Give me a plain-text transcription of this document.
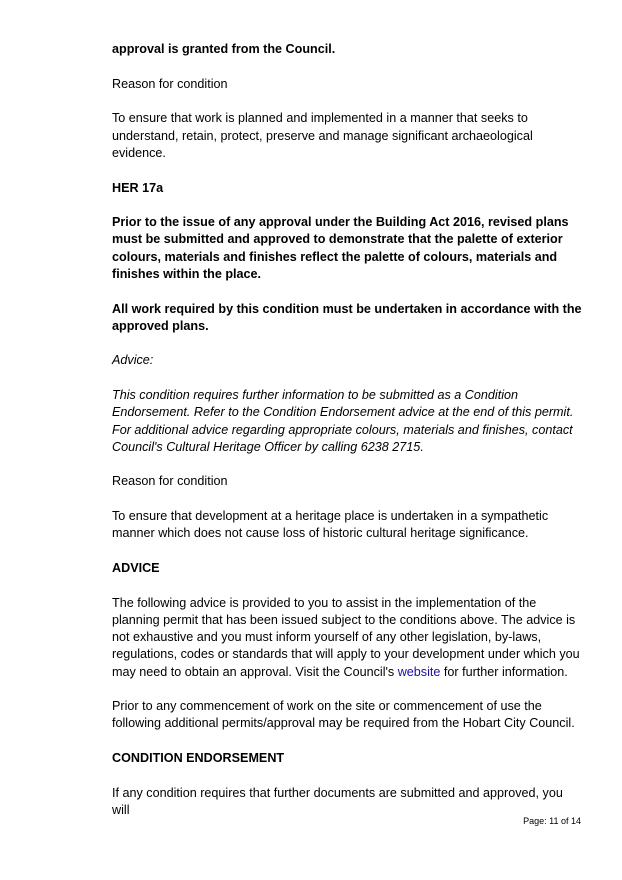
approval is granted from the Council.

Reason for condition

To ensure that work is planned and implemented in a manner that seeks to understand, retain, protect, preserve and manage significant archaeological evidence.

HER 17a

Prior to the issue of any approval under the Building Act 2016, revised plans must be submitted and approved to demonstrate that the palette of exterior colours, materials and finishes reflect the palette of colours, materials and finishes within the place.

All work required by this condition must be undertaken in accordance with the approved plans.

Advice:

This condition requires further information to be submitted as a Condition Endorsement. Refer to the Condition Endorsement advice at the end of this permit. For additional advice regarding appropriate colours, materials and finishes, contact Council's Cultural Heritage Officer by calling 6238 2715.

Reason for condition

To ensure that development at a heritage place is undertaken in a sympathetic manner which does not cause loss of historic cultural heritage significance.

ADVICE

The following advice is provided to you to assist in the implementation of the planning permit that has been issued subject to the conditions above. The advice is not exhaustive and you must inform yourself of any other legislation, by-laws, regulations, codes or standards that will apply to your development under which you may need to obtain an approval. Visit the Council's website for further information.

Prior to any commencement of work on the site or commencement of use the following additional permits/approval may be required from the Hobart City Council.

CONDITION ENDORSEMENT

If any condition requires that further documents are submitted and approved, you will

Page: 11 of 14
